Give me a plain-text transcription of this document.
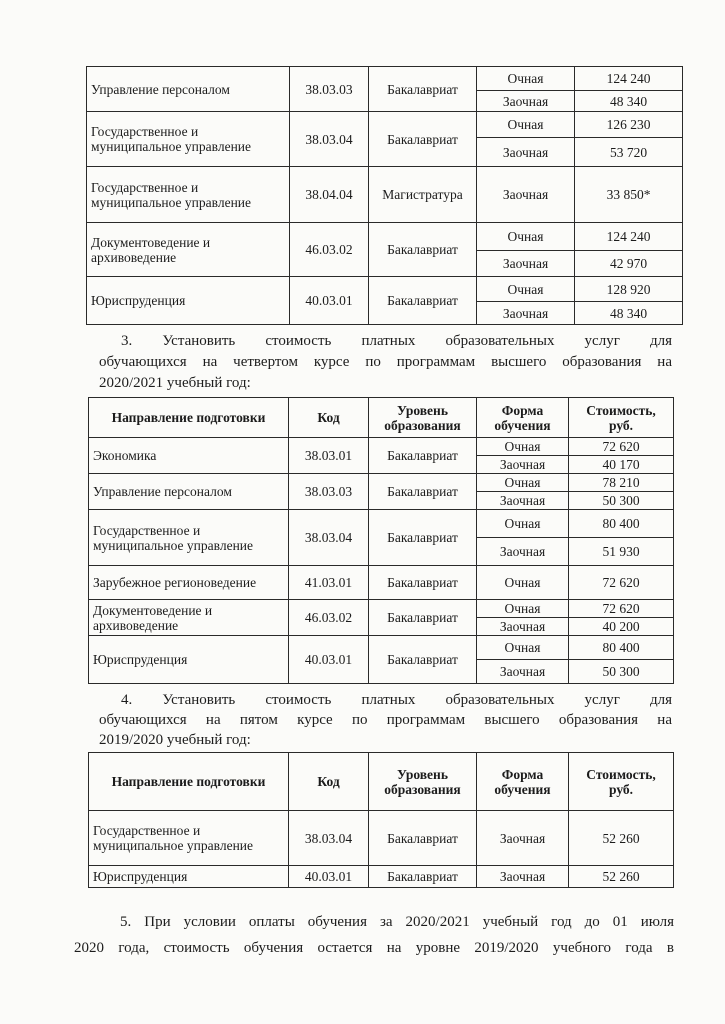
Управление персоналом	38.03.03	Бакалавриат	Очная	124 240
			Заочная	48 340
Государственное и муниципальное управление	38.03.04	Бакалавриат	Очная	126 230
			Заочная	53 720
Государственное и муниципальное управление	38.04.04	Магистратура	Заочная	33 850*
Документоведение и архивоведение	46.03.02	Бакалавриат	Очная	124 240
			Заочная	42 970
Юриспруденция	40.03.01	Бакалавриат	Очная	128 920
			Заочная	48 340
3. Установить стоимость платных образовательных услуг для
обучающихся на четвертом курсе по программам высшего образования на
2020/2021 учебный год:
Направление подготовки	Код	Уровень образования	Форма обучения	Стоимость, руб.
Экономика	38.03.01	Бакалавриат	Очная	72 620
			Заочная	40 170
Управление персоналом	38.03.03	Бакалавриат	Очная	78 210
			Заочная	50 300
Государственное и муниципальное управление	38.03.04	Бакалавриат	Очная	80 400
			Заочная	51 930
Зарубежное регионоведение	41.03.01	Бакалавриат	Очная	72 620
Документоведение и архивоведение	46.03.02	Бакалавриат	Очная	72 620
			Заочная	40 200
Юриспруденция	40.03.01	Бакалавриат	Очная	80 400
			Заочная	50 300
4. Установить стоимость платных образовательных услуг для
обучающихся на пятом курсе по программам высшего образования на
2019/2020 учебный год:
Направление подготовки	Код	Уровень образования	Форма обучения	Стоимость, руб.
Государственное и муниципальное управление	38.03.04	Бакалавриат	Заочная	52 260
Юриспруденция	40.03.01	Бакалавриат	Заочная	52 260
5. При условии оплаты обучения за 2020/2021 учебный год до 01 июля
2020 года, стоимость обучения остается на уровне 2019/2020 учебного года в
